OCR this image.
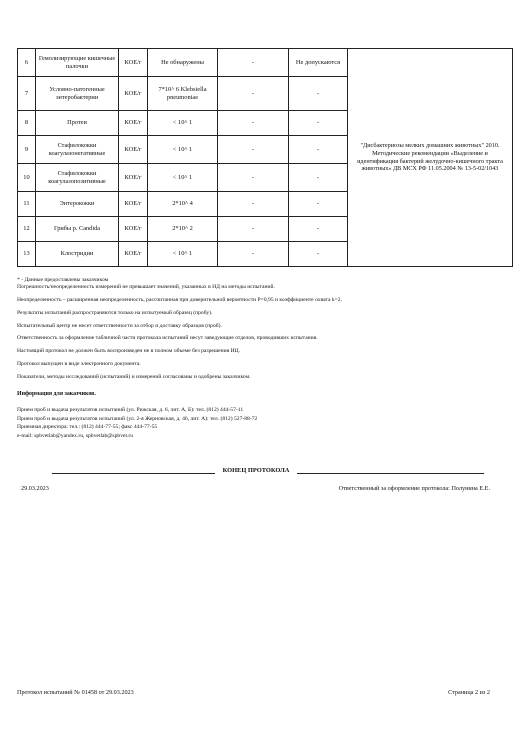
6	Гемолизирующие кишечные палочки	КОЕ/г	Не обнаружены	-	Не допускаются	"Дисбактериозы мелких домашних животных" 2010. Методические рекомендации «Выделение и идентификация бактерий желудочно-кишечного тракта животных» ДВ МСХ РФ 11.05.2004 № 13-5-02/1043
7	Условно-патогенные энтеробактерии	КОЕ/г	7*10^ 6 Klebsiella pneumoniae	-	-	
8	Протеи	КОЕ/г	< 10^ 1	-	-	
9	Стафилококки коагулазонегативные	КОЕ/г	< 10^ 1	-	-	
10	Стафилококки коагулазопозитивные	КОЕ/г	< 10^ 1	-	-	
11	Энтерококки	КОЕ/г	2*10^ 4	-	-	
12	Грибы р. Candida	КОЕ/г	2*10^ 2	-	-	
13	Клостридии	КОЕ/г	< 10^ 1	-	-	

* - Данные предоставлены заказчиком

Погрешность/неопределенность измерений не превышает значений, указанных в НД на методы испытаний.

Неопределенность – расширенная неопределенность, рассчитанная при доверительной вероятности P=0,95 и коэффициенте охвата k=2.

Результаты испытаний распространяются только на испытуемый образец (пробу).

Испытательный центр не несет ответственности за отбор и доставку образцов (проб).

Ответственность за оформление табличной части протокола испытаний несут заведующие отделов, проводивших испытания.

Настоящий протокол не должен быть воспроизведен не в полном объеме без разрешения ИЦ.

Протокол выпущен в виде электронного документа.

Показатели, методы исследований (испытаний) и измерений согласованы и одобрены заказчиком.

Информация для заказчиков.

Прием проб и выдача результатов испытаний (ул. Рижская, д. 6, лит. А, Б): тел. (812) 444-57-11

Прием проб и выдача результатов испытаний (ул. 2-я Жерновская, д. 46, лит. А): тел. (812) 527-88-72

Приемная директора: тел.: (812) 444-77-55; факс 444-77-55

e-mail: spbvetlab@yandex.ru, spbvetlab@spbvet.ru

КОНЕЦ ПРОТОКОЛА
29.03.2023	Ответственный за оформление протокола: Полунина Е.Е.
Протокол испытаний № 01458 от 29.03.2023	Страница 2 из 2
